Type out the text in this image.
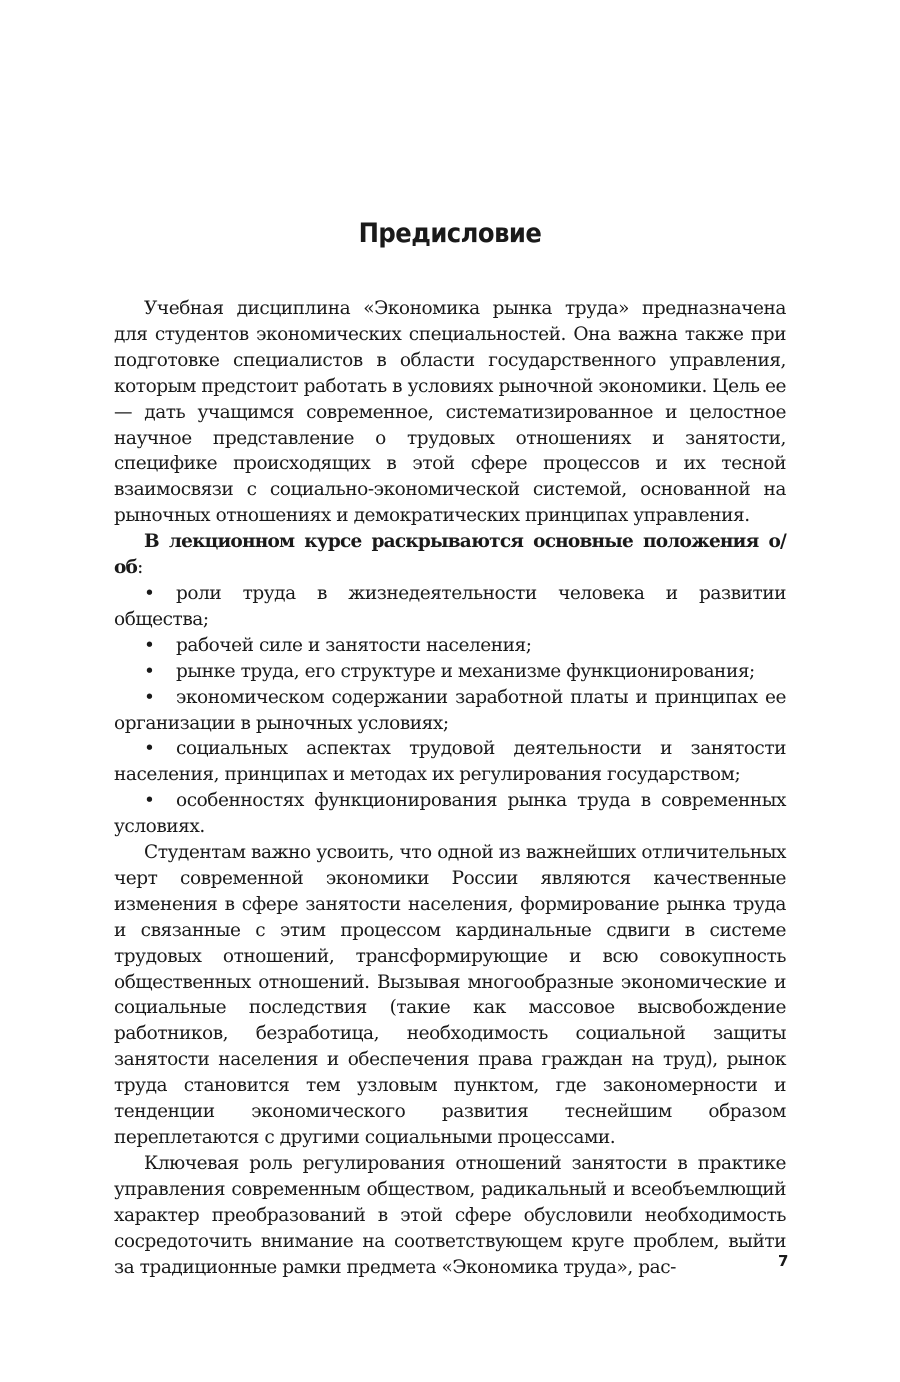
Предисловие

Учебная дисциплина «Экономика рынка труда» предназначена для студентов экономических специальностей. Она важна также при подготовке специалистов в области государственного управления, которым предстоит работать в условиях рыночной экономики. Цель ее — дать учащимся современное, систематизированное и целостное научное представление о трудовых отношениях и занятости, специфике происходящих в этой сфере процессов и их тесной взаимосвязи с социально-экономической системой, основанной на рыночных отношениях и демократических принципах управления.

В лекционном курсе раскрываются основные положения о/об:

• роли труда в жизнедеятельности человека и развитии общества;

• рабочей силе и занятости населения;

• рынке труда, его структуре и механизме функционирования;

• экономическом содержании заработной платы и принципах ее организации в рыночных условиях;

• социальных аспектах трудовой деятельности и занятости населения, принципах и методах их регулирования государством;

• особенностях функционирования рынка труда в современных условиях.

Студентам важно усвоить, что одной из важнейших отличительных черт современной экономики России являются качественные изменения в сфере занятости населения, формирование рынка труда и связанные с этим процессом кардинальные сдвиги в системе трудовых отношений, трансформирующие и всю совокупность общественных отношений. Вызывая многообразные экономические и социальные последствия (такие как массовое высвобождение работников, безработица, необходимость социальной защиты занятости населения и обеспечения права граждан на труд), рынок труда становится тем узловым пунктом, где закономерности и тенденции экономического развития теснейшим образом переплетаются с другими социальными процессами.

Ключевая роль регулирования отношений занятости в практике управления современным обществом, радикальный и всеобъемлющий характер преобразований в этой сфере обусловили необходимость сосредоточить внимание на соответствующем круге проблем, выйти за традиционные рамки предмета «Экономика труда», рас-	7
